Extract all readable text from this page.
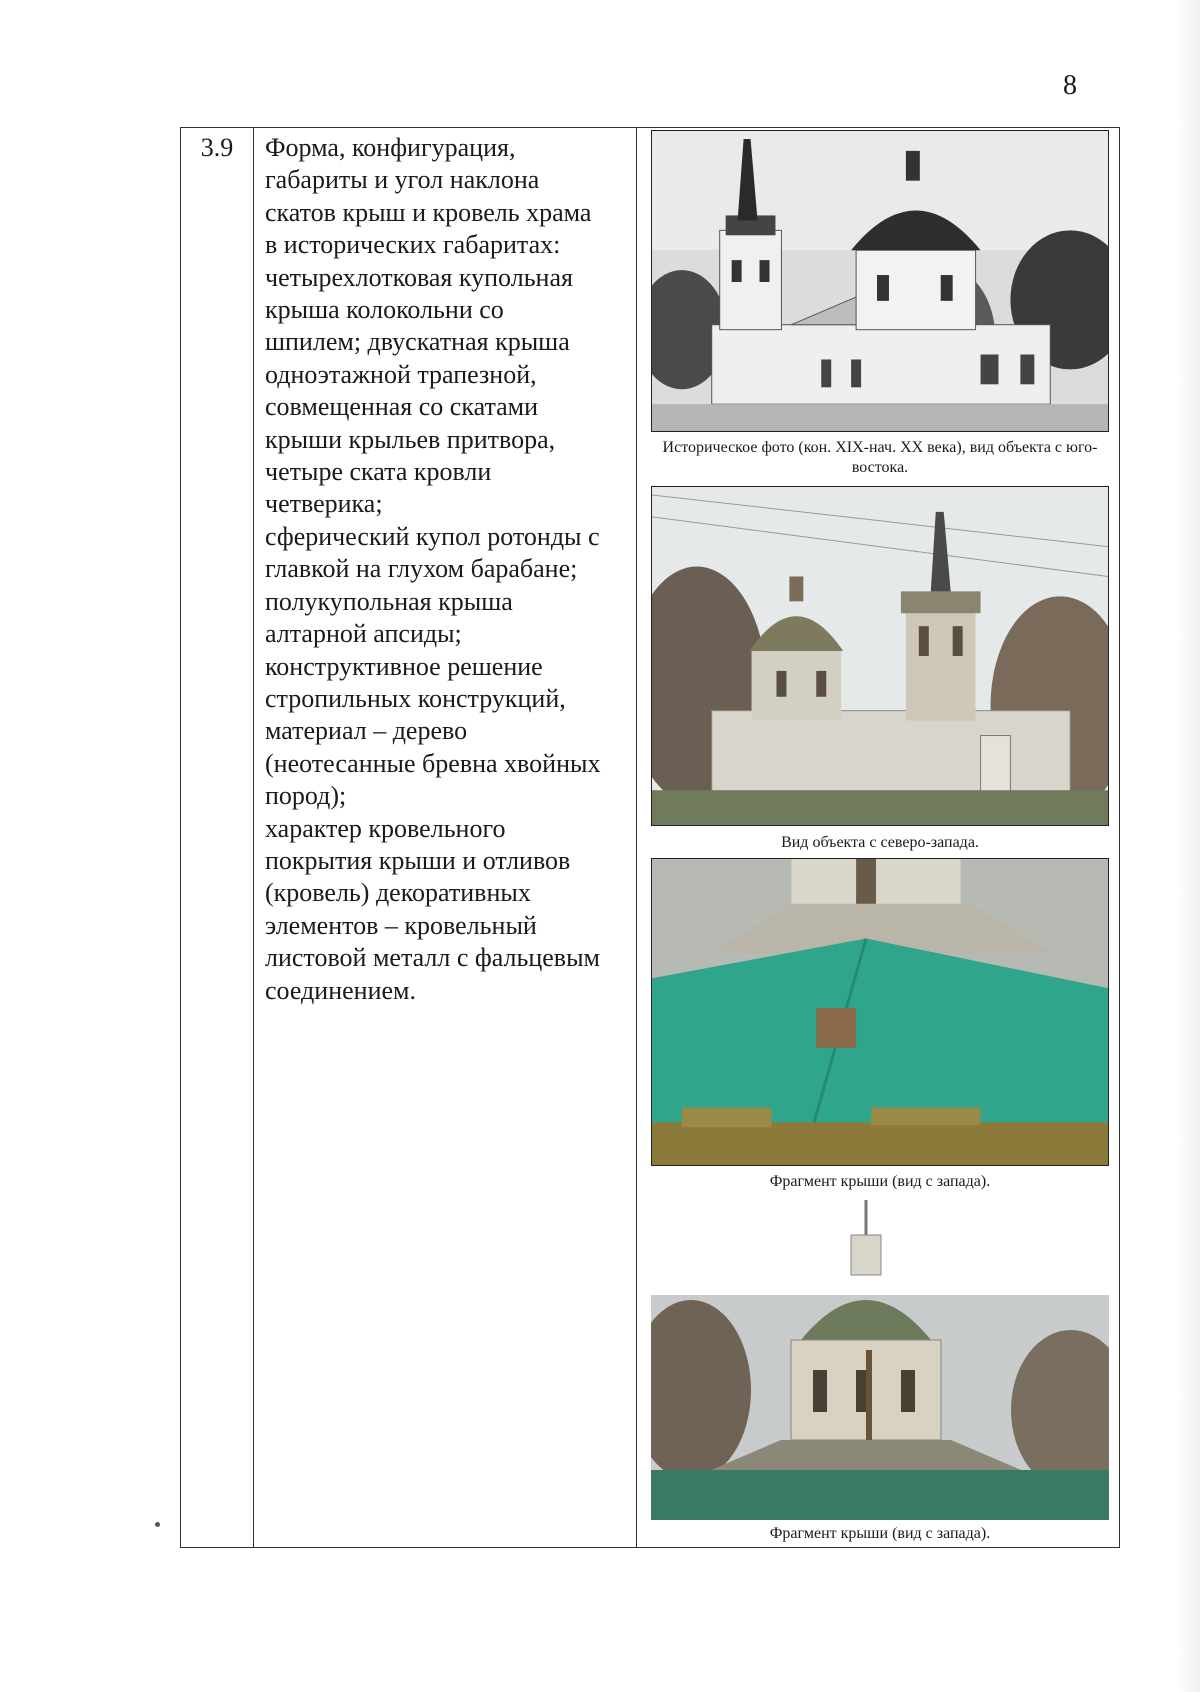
8
3.9	Форма, конфигурация,
габариты и угол наклона
скатов крыш и кровель храма
в исторических габаритах:
четырехлотковая купольная
крыша колокольни со
шпилем; двускатная крыша
одноэтажной трапезной,
совмещенная со скатами
крыши крыльев притвора,
четыре ската кровли
четверика;
сферический купол ротонды с
главкой на глухом барабане;
полукупольная крыша
алтарной апсиды;
конструктивное решение
стропильных конструкций,
материал – дерево
(неотесанные бревна хвойных
пород);
характер кровельного
покрытия крыши и отливов
(кровель) декоративных
элементов – кровельный
листовой металл с фальцевым
соединением.
Историческое фото (кон. XIX-нач. XX века), вид объекта с юго-востока.
Вид объекта с северо-запада.
Фрагмент крыши (вид с запада).
Фрагмент крыши (вид с запада).
